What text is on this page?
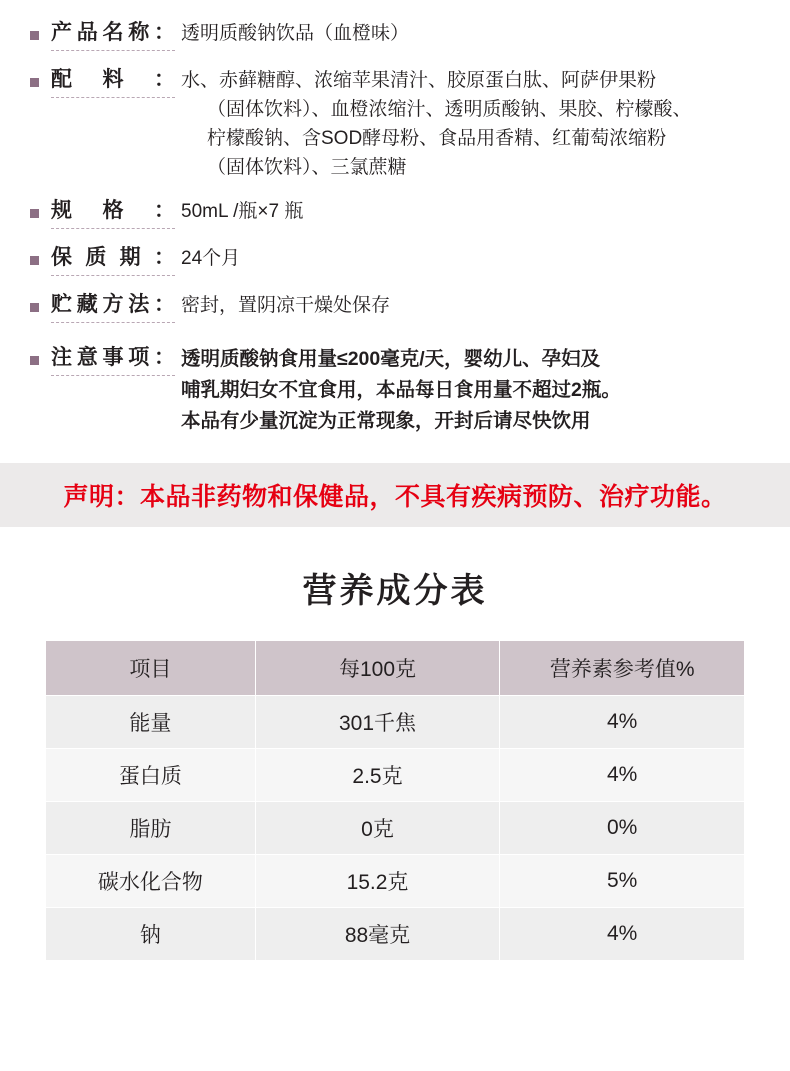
产 品 名 称 ： 透明质酸钠饮品（血橙味）
配 料 ： 水、赤藓糖醇、浓缩苹果清汁、胶原蛋白肽、阿萨伊果粉
（固体饮料）、血橙浓缩汁、透明质酸钠、果胶、柠檬酸、
柠檬酸钠、含SOD酵母粉、食品用香精、红葡萄浓缩粉
（固体饮料）、三氯蔗糖
规 格 ： 50mL /瓶×7 瓶
保 质 期 ： 24个月
贮 藏 方 法 ： 密封，置阴凉干燥处保存
注 意 事 项 ： 透明质酸钠食用量≤200毫克/天，婴幼儿、孕妇及
哺乳期妇女不宜食用，本品每日食用量不超过2瓶。
本品有少量沉淀为正常现象，开封后请尽快饮用
声明：本品非药物和保健品，不具有疾病预防、治疗功能。
营养成分表
项目	每100克	营养素参考值%
能量	301千焦	4%
蛋白质	2.5克	4%
脂肪	0克	0%
碳水化合物	15.2克	5%
钠	88毫克	4%
